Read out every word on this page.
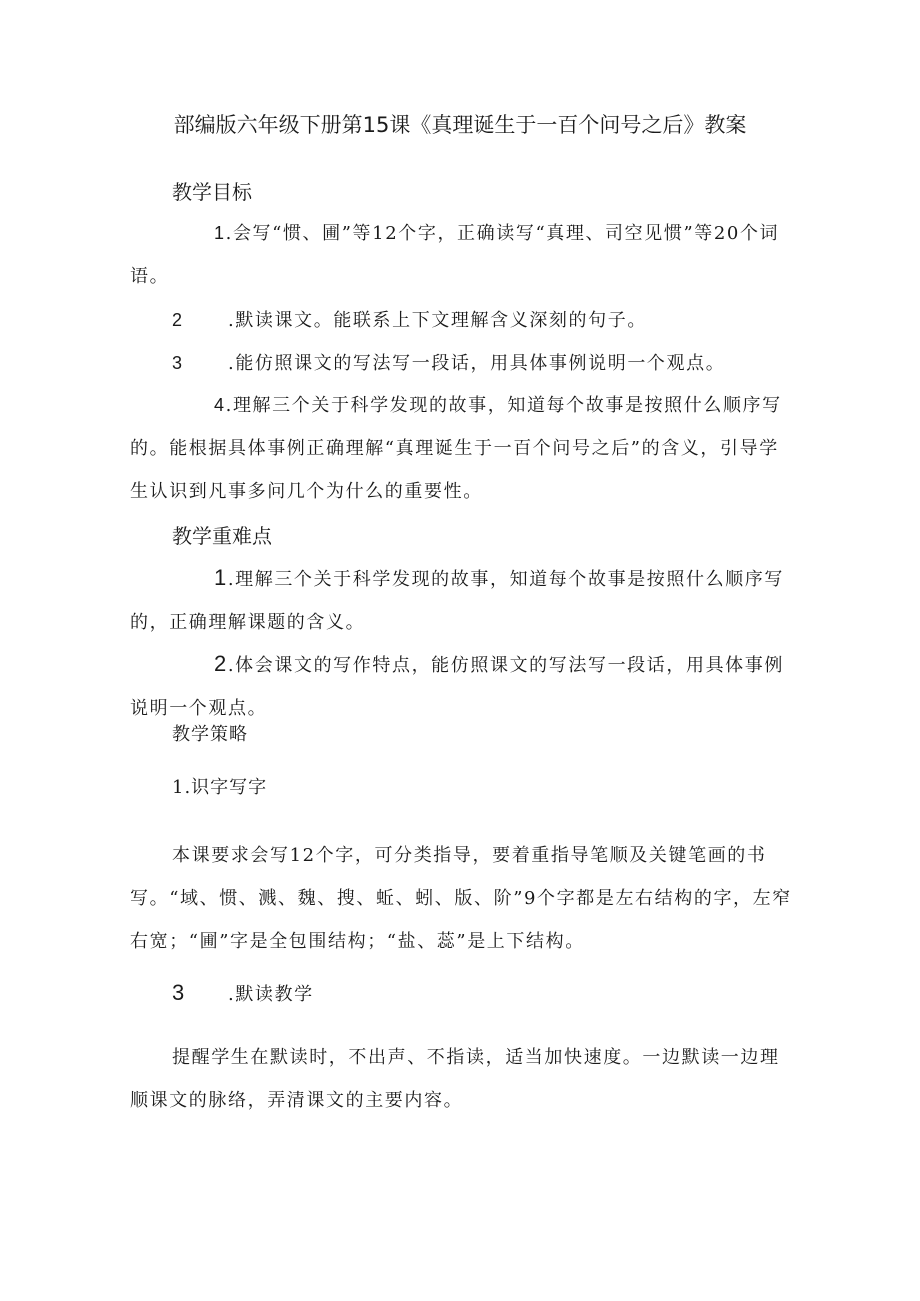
部编版六年级下册第15课《真理诞生于一百个问号之后》教案
教学目标
1.会写“惯、圃”等12个字，正确读写“真理、司空见惯”等20个词语。
2 .默读课文。能联系上下文理解含义深刻的句子。
3 .能仿照课文的写法写一段话，用具体事例说明一个观点。
4.理解三个关于科学发现的故事，知道每个故事是按照什么顺序写的。能根据具体事例正确理解“真理诞生于一百个问号之后”的含义，引导学生认识到凡事多问几个为什么的重要性。
教学重难点
1.理解三个关于科学发现的故事，知道每个故事是按照什么顺序写的，正确理解课题的含义。
2.体会课文的写作特点，能仿照课文的写法写一段话，用具体事例说明一个观点。
教学策略
1.识字写字
本课要求会写12个字，可分类指导，要着重指导笔顺及关键笔画的书写。“域、惯、溅、魏、搜、蚯、蚓、版、阶”9个字都是左右结构的字，左窄右宽；“圃”字是全包围结构；“盐、蕊”是上下结构。
3 .默读教学
提醒学生在默读时，不出声、不指读，适当加快速度。一边默读一边理顺课文的脉络，弄清课文的主要内容。
